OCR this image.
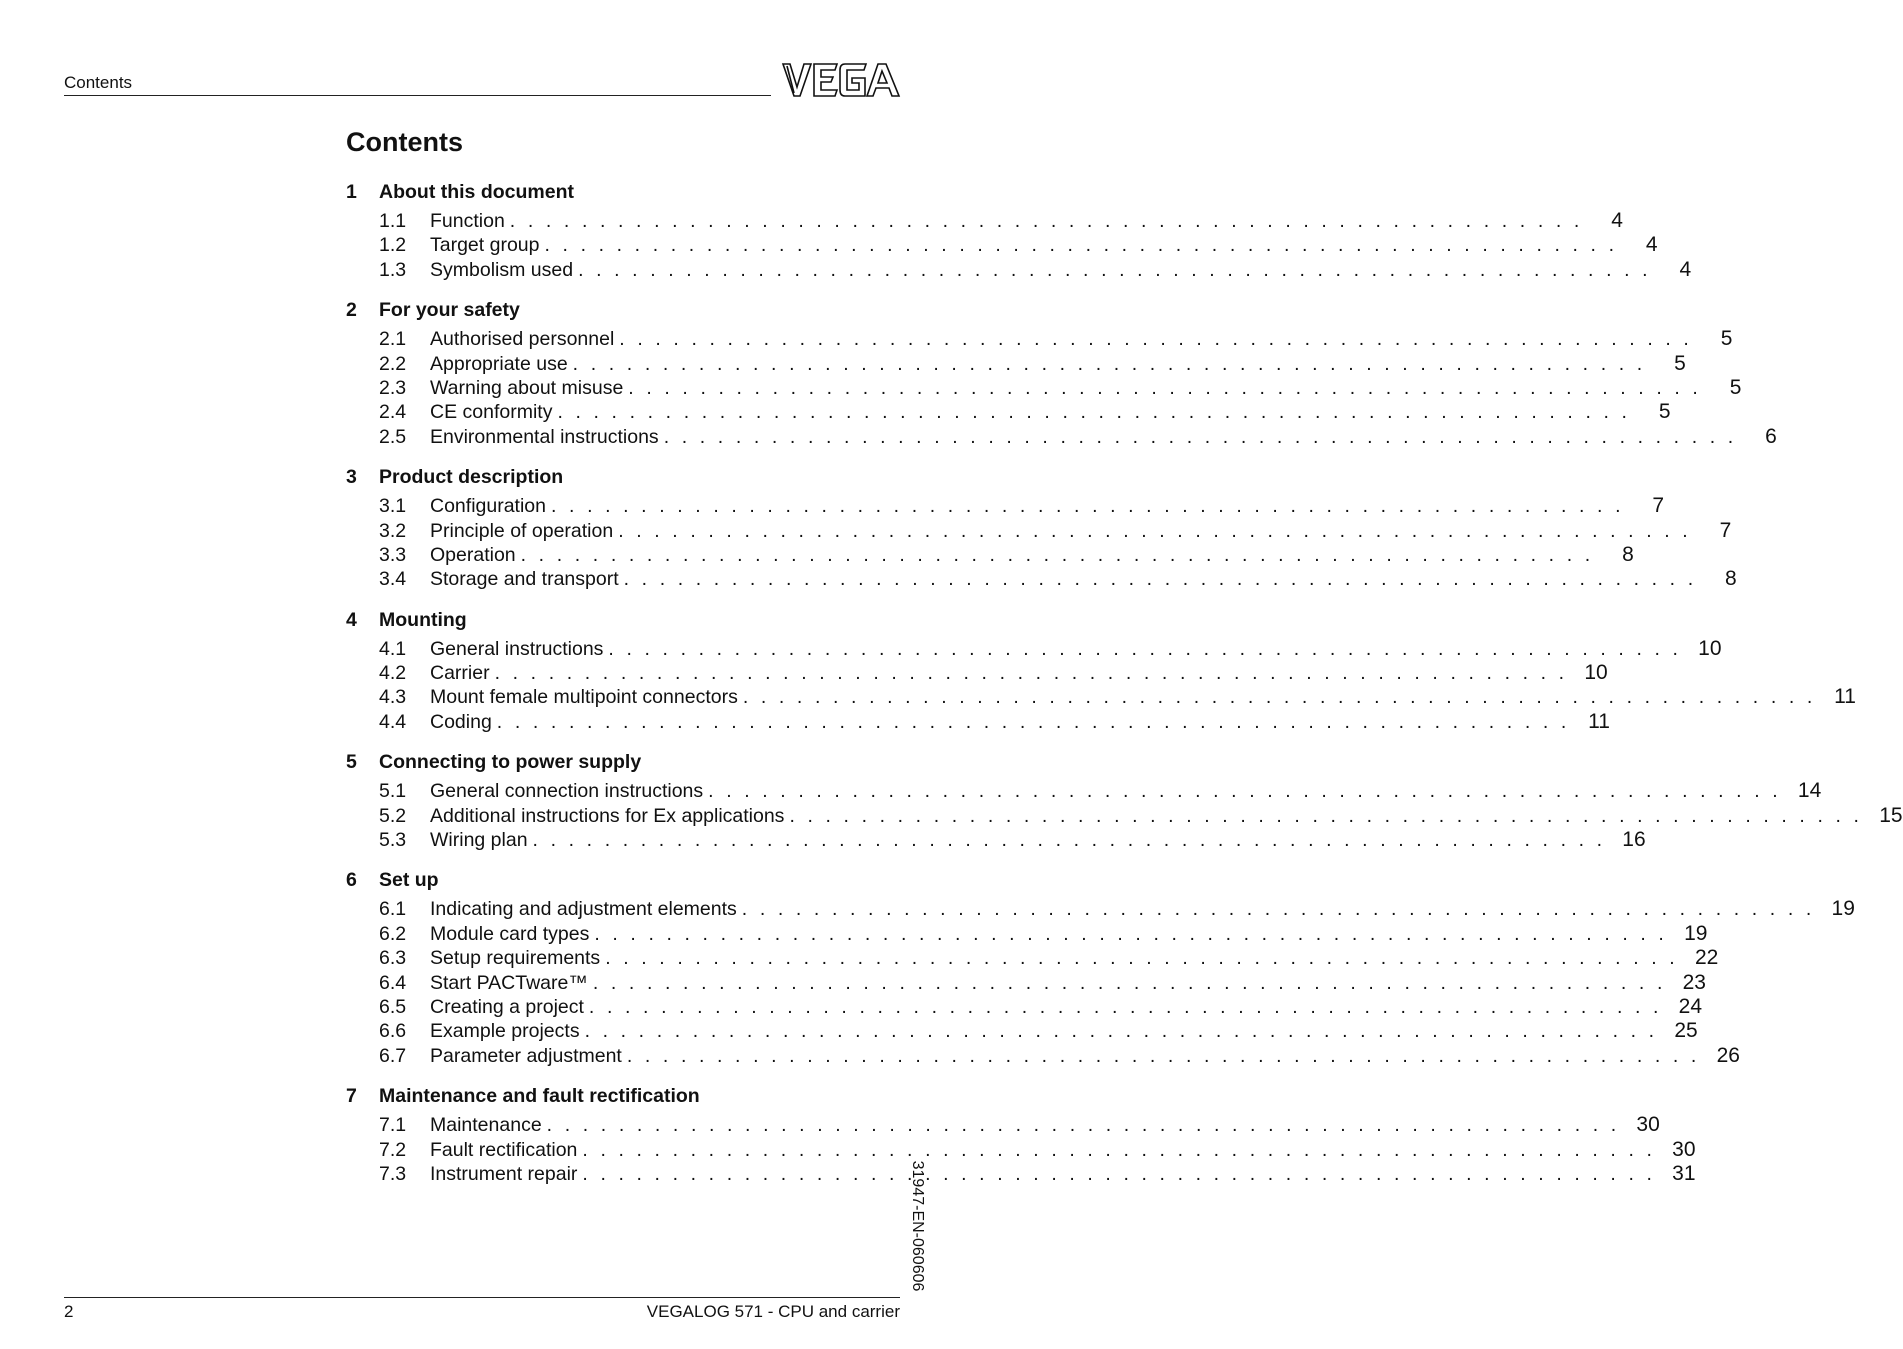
Contents
Contents
1	About this document
1.1	Function . . . . . . . . . . . . . . . . . . . . . . . . . . . . . . . . . . . . . . . . . . . . . . . . . . . . . . . . . . . .	4
1.2	Target group . . . . . . . . . . . . . . . . . . . . . . . . . . . . . . . . . . . . . . . . . . . . . . . . . . . . . . . . . . . .	4
1.3	Symbolism used . . . . . . . . . . . . . . . . . . . . . . . . . . . . . . . . . . . . . . . . . . . . . . . . . . . . . . . . . . . .	4
2	For your safety
2.1	Authorised personnel . . . . . . . . . . . . . . . . . . . . . . . . . . . . . . . . . . . . . . . . . . . . . . . . . . . . . . . . . . . .	5
2.2	Appropriate use . . . . . . . . . . . . . . . . . . . . . . . . . . . . . . . . . . . . . . . . . . . . . . . . . . . . . . . . . . . .	5
2.3	Warning about misuse . . . . . . . . . . . . . . . . . . . . . . . . . . . . . . . . . . . . . . . . . . . . . . . . . . . . . . . . . . . .	5
2.4	CE conformity . . . . . . . . . . . . . . . . . . . . . . . . . . . . . . . . . . . . . . . . . . . . . . . . . . . . . . . . . . . .	5
2.5	Environmental instructions . . . . . . . . . . . . . . . . . . . . . . . . . . . . . . . . . . . . . . . . . . . . . . . . . . . . . . . . . . . .	6
3	Product description
3.1	Configuration . . . . . . . . . . . . . . . . . . . . . . . . . . . . . . . . . . . . . . . . . . . . . . . . . . . . . . . . . . . .	7
3.2	Principle of operation . . . . . . . . . . . . . . . . . . . . . . . . . . . . . . . . . . . . . . . . . . . . . . . . . . . . . . . . . . . .	7
3.3	Operation . . . . . . . . . . . . . . . . . . . . . . . . . . . . . . . . . . . . . . . . . . . . . . . . . . . . . . . . . . . .	8
3.4	Storage and transport . . . . . . . . . . . . . . . . . . . . . . . . . . . . . . . . . . . . . . . . . . . . . . . . . . . . . . . . . . . .	8
4	Mounting
4.1	General instructions . . . . . . . . . . . . . . . . . . . . . . . . . . . . . . . . . . . . . . . . . . . . . . . . . . . . . . . . . . . . 10
4.2	Carrier . . . . . . . . . . . . . . . . . . . . . . . . . . . . . . . . . . . . . . . . . . . . . . . . . . . . . . . . . . . . 10
4.3	Mount female multipoint connectors . . . . . . . . . . . . . . . . . . . . . . . . . . . . . . . . . . . . . . . . . . . . . . . . . . . . . . . . . . . . 11
4.4	Coding . . . . . . . . . . . . . . . . . . . . . . . . . . . . . . . . . . . . . . . . . . . . . . . . . . . . . . . . . . . . 11
5	Connecting to power supply
5.1	General connection instructions . . . . . . . . . . . . . . . . . . . . . . . . . . . . . . . . . . . . . . . . . . . . . . . . . . . . . . . . . . . . 14
5.2	Additional instructions for Ex applications . . . . . . . . . . . . . . . . . . . . . . . . . . . . . . . . . . . . . . . . . . . . . . . . . . . . . . . . . . . . 15
5.3	Wiring plan . . . . . . . . . . . . . . . . . . . . . . . . . . . . . . . . . . . . . . . . . . . . . . . . . . . . . . . . . . . . 16
6	Set up
6.1	Indicating and adjustment elements . . . . . . . . . . . . . . . . . . . . . . . . . . . . . . . . . . . . . . . . . . . . . . . . . . . . . . . . . . . . 19
6.2	Module card types . . . . . . . . . . . . . . . . . . . . . . . . . . . . . . . . . . . . . . . . . . . . . . . . . . . . . . . . . . . . 19
6.3	Setup requirements . . . . . . . . . . . . . . . . . . . . . . . . . . . . . . . . . . . . . . . . . . . . . . . . . . . . . . . . . . . . 22
6.4	Start PACTware™ . . . . . . . . . . . . . . . . . . . . . . . . . . . . . . . . . . . . . . . . . . . . . . . . . . . . . . . . . . . . 23
6.5	Creating a project . . . . . . . . . . . . . . . . . . . . . . . . . . . . . . . . . . . . . . . . . . . . . . . . . . . . . . . . . . . . 24
6.6	Example projects . . . . . . . . . . . . . . . . . . . . . . . . . . . . . . . . . . . . . . . . . . . . . . . . . . . . . . . . . . . . 25
6.7	Parameter adjustment . . . . . . . . . . . . . . . . . . . . . . . . . . . . . . . . . . . . . . . . . . . . . . . . . . . . . . . . . . . . 26
7	Maintenance and fault rectification
7.1	Maintenance . . . . . . . . . . . . . . . . . . . . . . . . . . . . . . . . . . . . . . . . . . . . . . . . . . . . . . . . . . . . 30
7.2	Fault rectification . . . . . . . . . . . . . . . . . . . . . . . . . . . . . . . . . . . . . . . . . . . . . . . . . . . . . . . . . . . . 30
7.3	Instrument repair . . . . . . . . . . . . . . . . . . . . . . . . . . . . . . . . . . . . . . . . . . . . . . . . . . . . . . . . . . . . 31
31947-EN-060606
2	VEGALOG 571 - CPU and carrier
